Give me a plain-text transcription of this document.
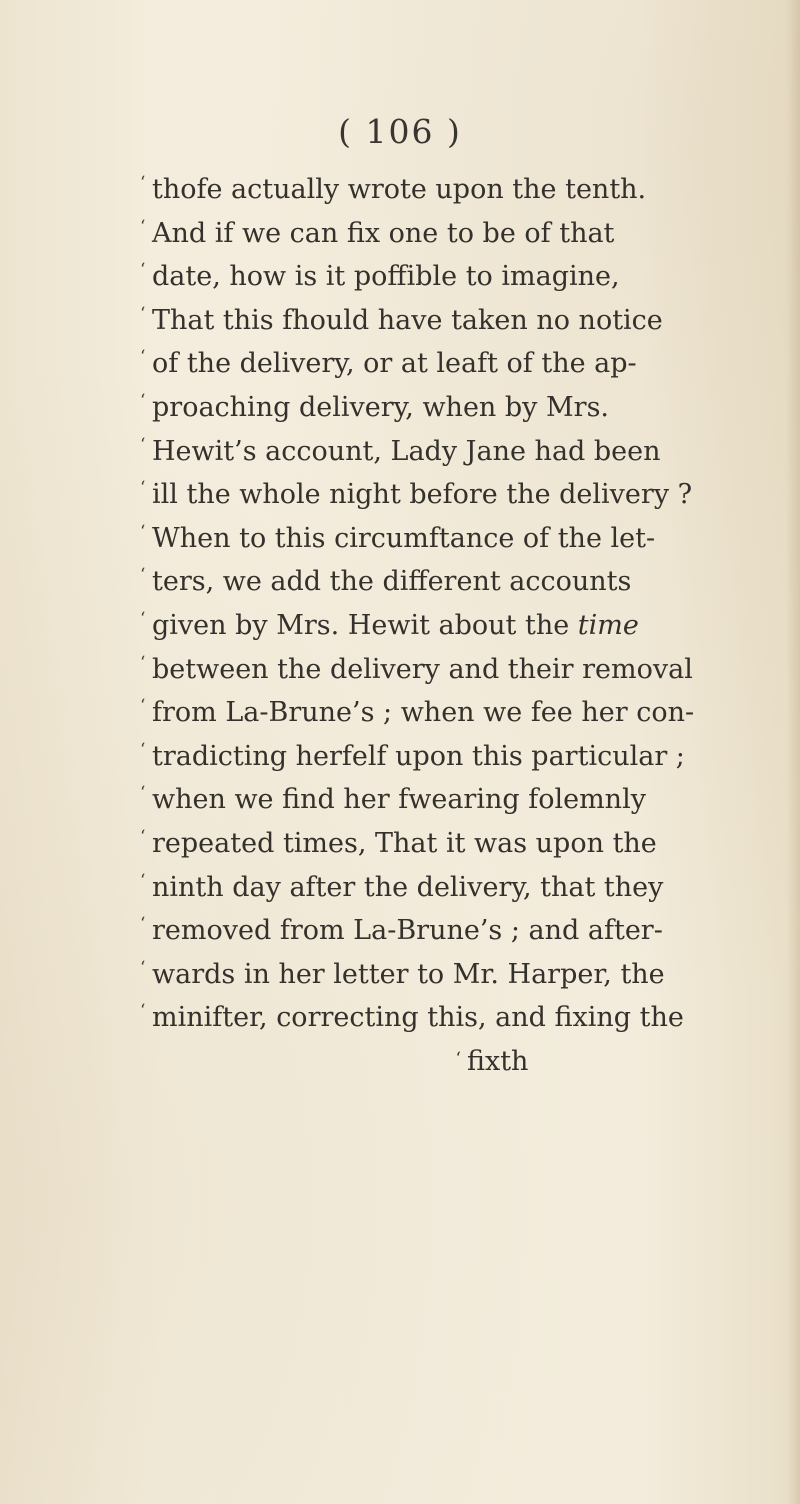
( 106 )
‘ thofe actually wrote upon the tenth.
‘ And if we can fix one to be of that
‘ date, how is it poffible to imagine,
‘ That this fhould have taken no notice
‘ of the delivery, or at leaft of the ap-
‘ proaching delivery, when by Mrs.
‘ Hewit’s account, Lady Jane had been
‘ ill the whole night before the delivery ?
‘ When to this circumftance of the let-
‘ ters, we add the different accounts
‘ given by Mrs. Hewit about the time
‘ between the delivery and their removal
‘ from La-Brune’s ; when we fee her con-
‘ tradicting herfelf upon this particular ;
‘ when we find her fwearing folemnly
‘ repeated times, That it was upon the
‘ ninth day after the delivery, that they
‘ removed from La-Brune’s ; and after-
‘ wards in her letter to Mr. Harper, the
‘ minifter, correcting this, and fixing the
‘ fixth
